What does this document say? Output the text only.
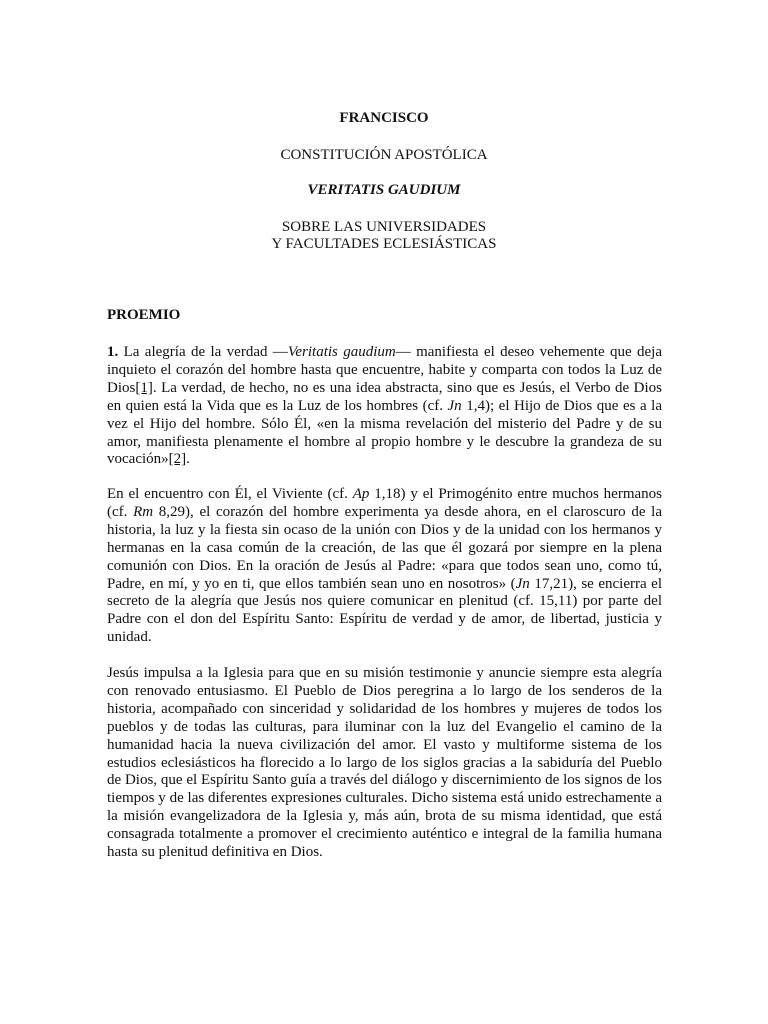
FRANCISCO
CONSTITUCIÓN APOSTÓLICA
VERITATIS GAUDIUM
SOBRE LAS UNIVERSIDADES
Y FACULTADES ECLESIÁSTICAS
PROEMIO

1. La alegría de la verdad —Veritatis gaudium— manifiesta el deseo vehemente que deja inquieto el corazón del hombre hasta que encuentre, habite y comparta con todos la Luz de Dios[1]. La verdad, de hecho, no es una idea abstracta, sino que es Jesús, el Verbo de Dios en quien está la Vida que es la Luz de los hombres (cf. Jn 1,4); el Hijo de Dios que es a la vez el Hijo del hombre. Sólo Él, «en la misma revelación del misterio del Padre y de su amor, manifiesta plenamente el hombre al propio hombre y le descubre la grandeza de su vocación»[2].

En el encuentro con Él, el Viviente (cf. Ap 1,18) y el Primogénito entre muchos hermanos (cf. Rm 8,29), el corazón del hombre experimenta ya desde ahora, en el claroscuro de la historia, la luz y la fiesta sin ocaso de la unión con Dios y de la unidad con los hermanos y hermanas en la casa común de la creación, de las que él gozará por siempre en la plena comunión con Dios. En la oración de Jesús al Padre: «para que todos sean uno, como tú, Padre, en mí, y yo en ti, que ellos también sean uno en nosotros» (Jn 17,21), se encierra el secreto de la alegría que Jesús nos quiere comunicar en plenitud (cf. 15,11) por parte del Padre con el don del Espíritu Santo: Espíritu de verdad y de amor, de libertad, justicia y unidad.

Jesús impulsa a la Iglesia para que en su misión testimonie y anuncie siempre esta alegría con renovado entusiasmo. El Pueblo de Dios peregrina a lo largo de los senderos de la historia, acompañado con sinceridad y solidaridad de los hombres y mujeres de todos los pueblos y de todas las culturas, para iluminar con la luz del Evangelio el camino de la humanidad hacia la nueva civilización del amor. El vasto y multiforme sistema de los estudios eclesiásticos ha florecido a lo largo de los siglos gracias a la sabiduría del Pueblo de Dios, que el Espíritu Santo guía a través del diálogo y discernimiento de los signos de los tiempos y de las diferentes expresiones culturales. Dicho sistema está unido estrechamente a la misión evangelizadora de la Iglesia y, más aún, brota de su misma identidad, que está consagrada totalmente a promover el crecimiento auténtico e integral de la familia humana hasta su plenitud definitiva en Dios.
